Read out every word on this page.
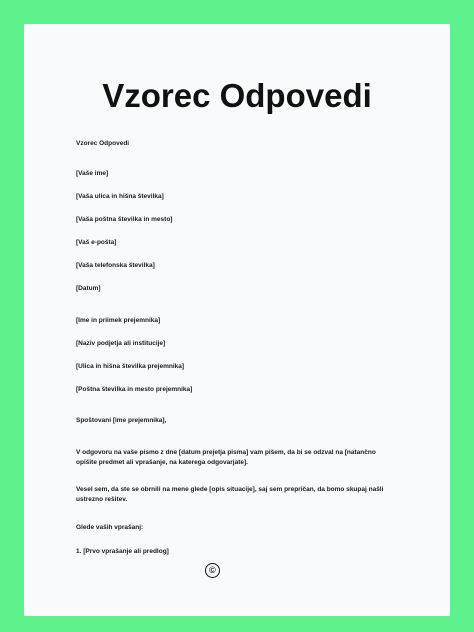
Vzorec Odpovedi
Vzorec Odpovedi
[Vaše ime]
[Vaša ulica in hišna številka]
[Vaša poštna številka in mesto]
[Vaš e-pošta]
[Vaša telefonska številka]
[Datum]
[Ime in priimek prejemnika]
[Naziv podjetja ali institucije]
[Ulica in hišna številka prejemnika]
[Poštna številka in mesto prejemnika]
Spoštovani [ime prejemnika],
V odgovoru na vaše pismo z dne [datum prejetja pisma] vam pišem, da bi se odzval na [natančno opišite predmet ali vprašanje, na katerega odgovarjate].
Vesel sem, da ste se obrnili na mene glede [opis situacije], saj sem prepričan, da bomo skupaj našli ustrezno rešitev.
Glede vaših vprašanj:
1. [Prvo vprašanje ali predlog]
©
